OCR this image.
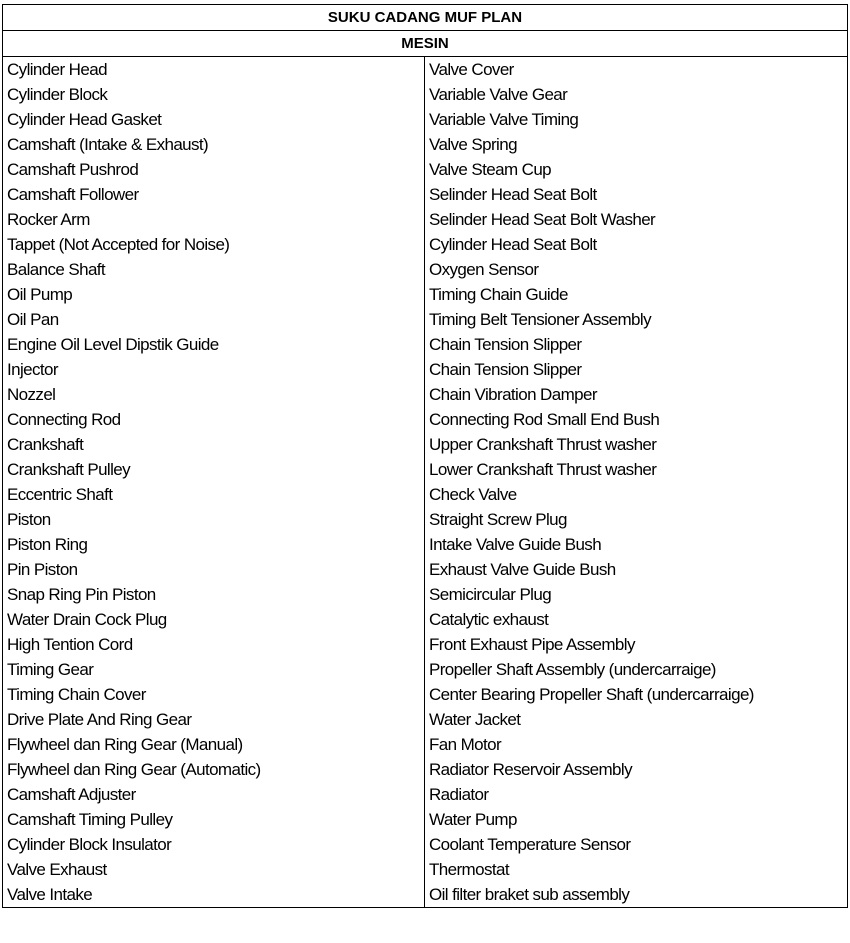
SUKU CADANG MUF PLAN	
MESIN	
Cylinder Head	Valve Cover
Cylinder Block	Variable Valve Gear
Cylinder Head Gasket	Variable Valve Timing
Camshaft (Intake & Exhaust)	Valve Spring
Camshaft Pushrod	Valve Steam Cup
Camshaft Follower	Selinder Head Seat Bolt
Rocker Arm	Selinder Head Seat Bolt Washer
Tappet (Not Accepted for Noise)	Cylinder Head Seat Bolt
Balance Shaft	Oxygen Sensor
Oil Pump	Timing Chain Guide
Oil Pan	Timing Belt Tensioner Assembly
Engine Oil Level Dipstik Guide	Chain Tension Slipper
Injector	Chain Tension Slipper
Nozzel	Chain Vibration Damper
Connecting Rod	Connecting Rod Small End Bush
Crankshaft	Upper Crankshaft Thrust washer
Crankshaft Pulley	Lower Crankshaft Thrust washer
Eccentric Shaft	Check Valve
Piston	Straight Screw Plug
Piston Ring	Intake Valve Guide Bush
Pin Piston	Exhaust Valve Guide Bush
Snap Ring Pin Piston	Semicircular Plug
Water Drain Cock Plug	Catalytic exhaust
High Tention Cord	Front Exhaust Pipe Assembly
Timing Gear	Propeller Shaft Assembly (undercarraige)
Timing Chain Cover	Center Bearing Propeller Shaft (undercarraige)
Drive Plate And Ring Gear	Water Jacket
Flywheel dan Ring Gear (Manual)	Fan Motor
Flywheel dan Ring Gear (Automatic)	Radiator Reservoir Assembly
Camshaft Adjuster	Radiator
Camshaft Timing Pulley	Water Pump
Cylinder Block Insulator	Coolant Temperature Sensor
Valve Exhaust	Thermostat
Valve Intake	Oil filter braket sub assembly
